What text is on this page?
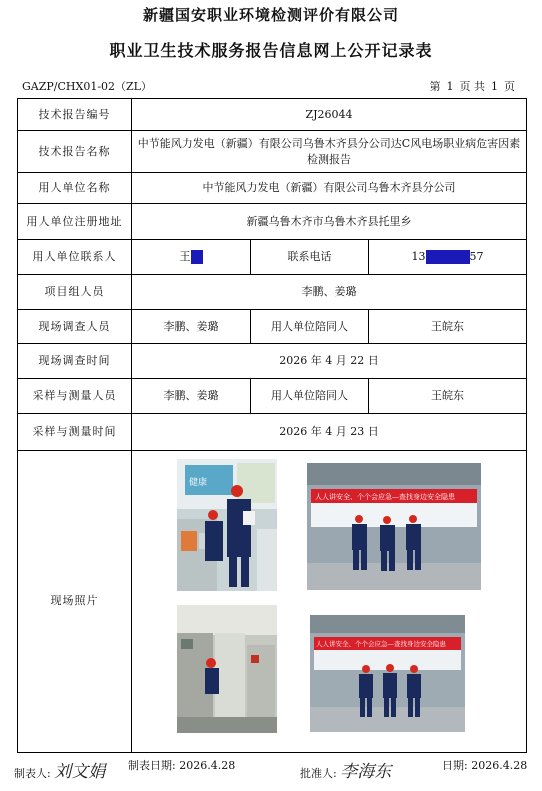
新疆国安职业环境检测评价有限公司
职业卫生技术服务报告信息网上公开记录表
GAZP/CHX01-02（ZL）	第 1 页 共 1 页
技术报告编号	ZJ26044		
技术报告名称	中节能风力发电（新疆）有限公司乌鲁木齐县分公司达C风电场职业病危害因素检测报告		
用人单位名称	中节能风力发电（新疆）有限公司乌鲁木齐县分公司		
用人单位注册地址	新疆乌鲁木齐市乌鲁木齐县托里乡		
用人单位联系人	王	联系电话	13 57
项目组人员	李鹏、姜璐		
现场调查人员	李鹏、姜璐	用人单位陪同人	王皖东
现场调查时间	2026 年 4 月 22 日		
采样与测量人员	李鹏、姜璐	用人单位陪同人	王皖东
采样与测量时间	2026 年 4 月 23 日		
现场照片	健康
人人讲安全、个个会应急—查找身边安全隐患
人人讲安全、个个会应急—查找身边安全隐患		
制表人: 刘文娟 制表日期: 2026.4.28
批准人: 李海东	日期: 2026.4.28
